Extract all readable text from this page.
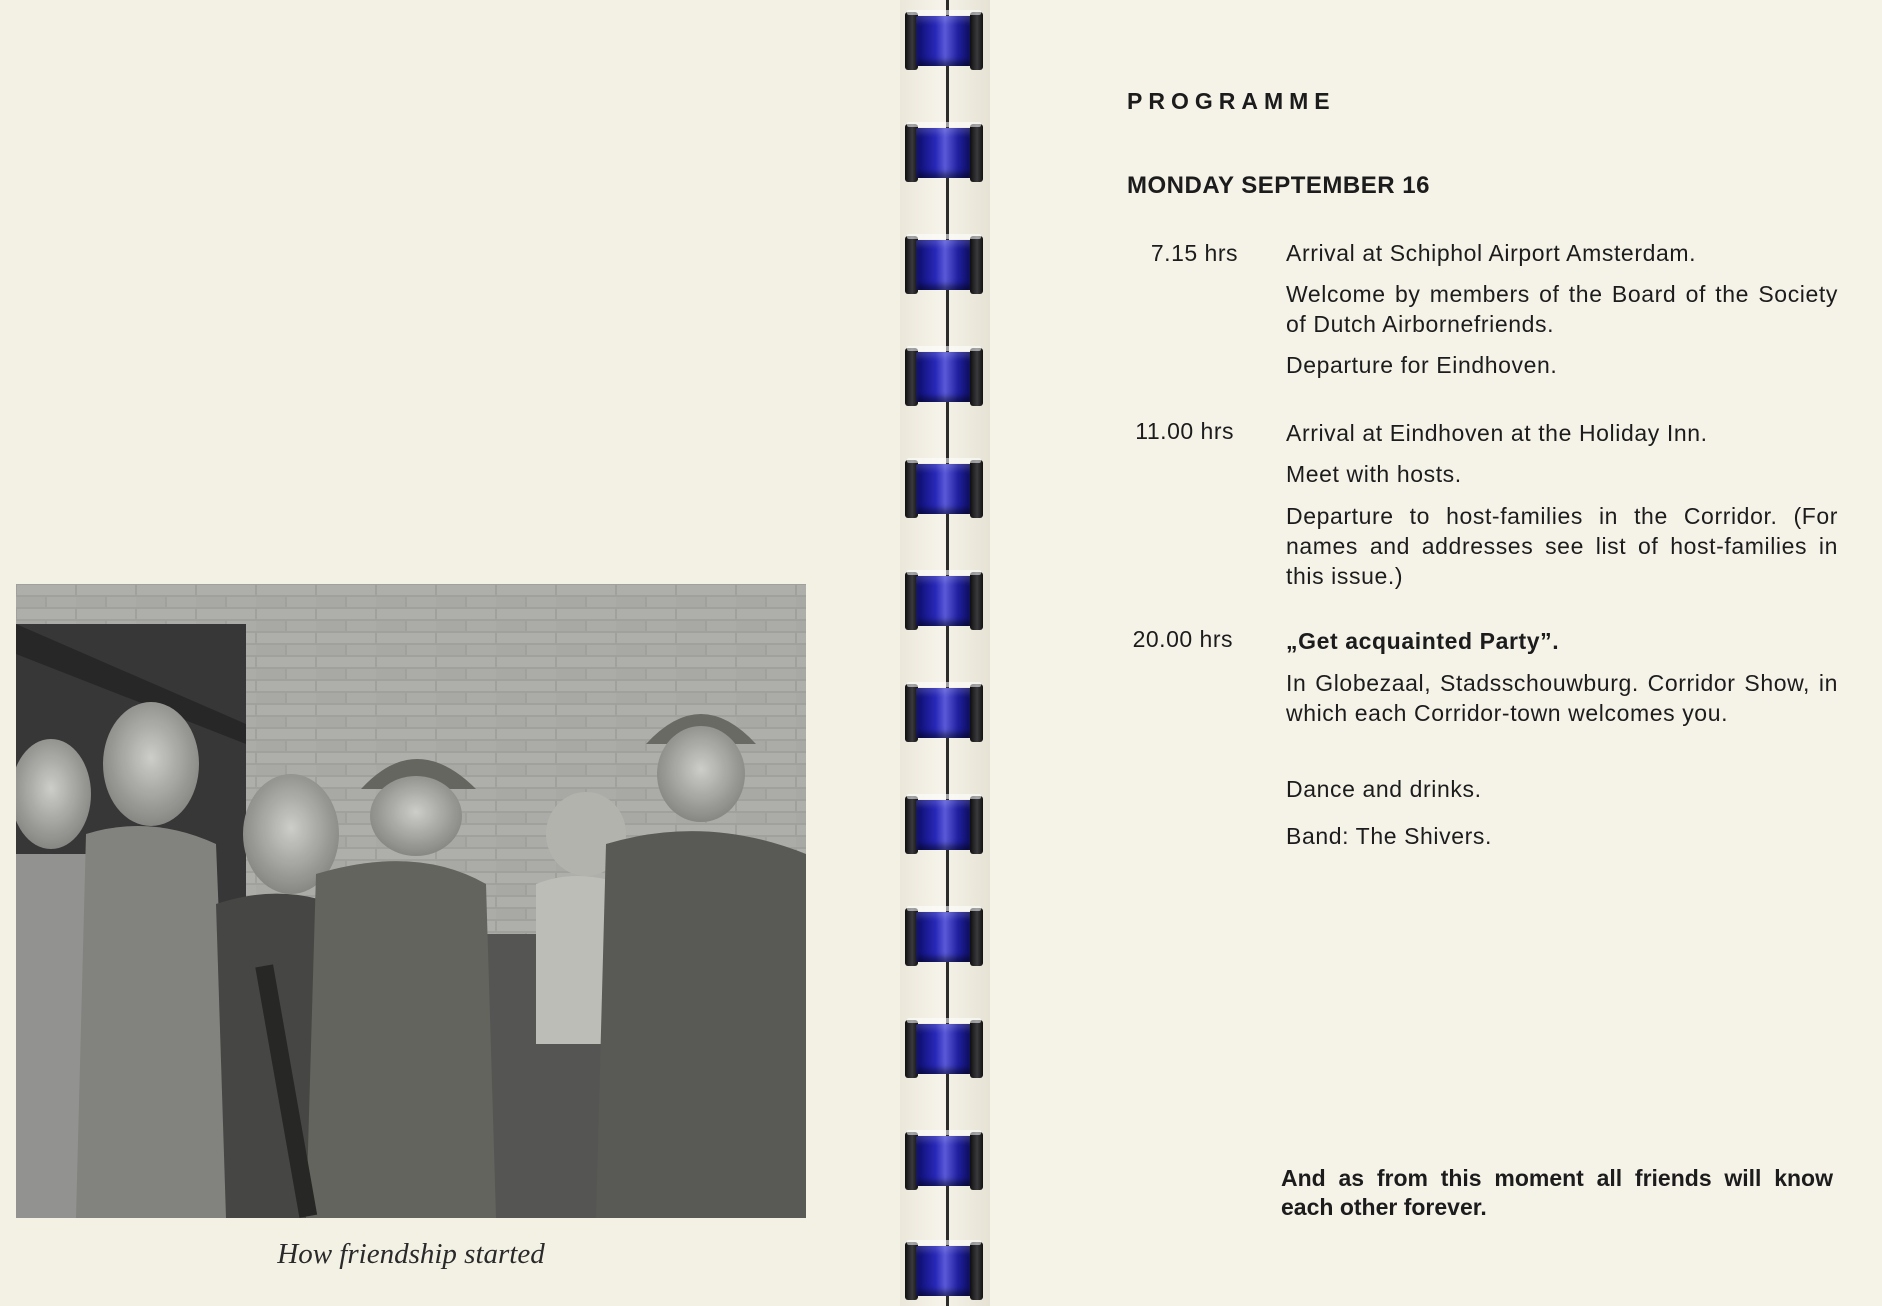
How friendship started
PROGRAMME
MONDAY SEPTEMBER 16
7.15 hrs Arrival at Schiphol Airport Amsterdam.
Welcome by members of the Board of the Society of Dutch Airbornefriends.
Departure for Eindhoven.
11.00 hrs Arrival at Eindhoven at the Holiday Inn.
Meet with hosts.
Departure to host-families in the Corridor. (For names and addresses see list of host-families in this issue.)
20.00 hrs „Get acquainted Party”.
In Globezaal, Stadsschouwburg. Corridor Show, in which each Corridor-town welcomes you.
Dance and drinks.
Band: The Shivers.
And as from this moment all friends will know each other forever.
